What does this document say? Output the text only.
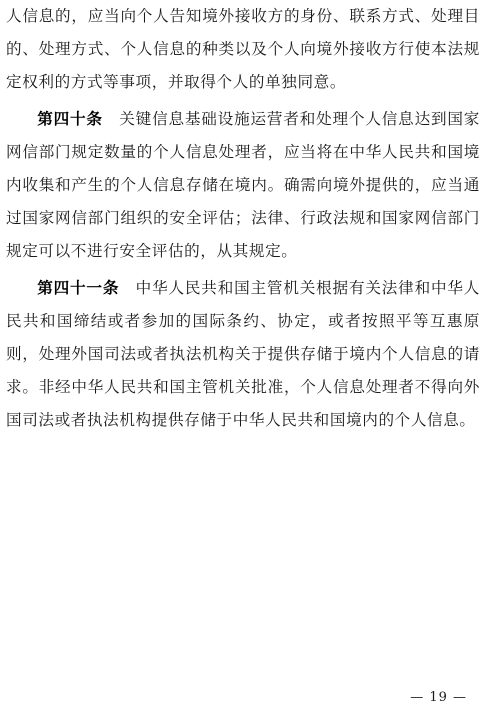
人信息的，应当向个人告知境外接收方的身份、联系方式、处理目的、处理方式、个人信息的种类以及个人向境外接收方行使本法规定权利的方式等事项，并取得个人的单独同意。

第四十条　 关键信息基础设施运营者和处理个人信息达到国家网信部门规定数量的个人信息处理者，应当将在中华人民共和国境内收集和产生的个人信息存储在境内。确需向境外提供的，应当通过国家网信部门组织的安全评估；法律、行政法规和国家网信部门规定可以不进行安全评估的，从其规定。

第四十一条　 中华人民共和国主管机关根据有关法律和中华人民共和国缔结或者参加的国际条约、协定，或者按照平等互惠原则，处理外国司法或者执法机构关于提供存储于境内个人信息的请求。非经中华人民共和国主管机关批准，个人信息处理者不得向外国司法或者执法机构提供存储于中华人民共和国境内的个人信息。

— 19 —
